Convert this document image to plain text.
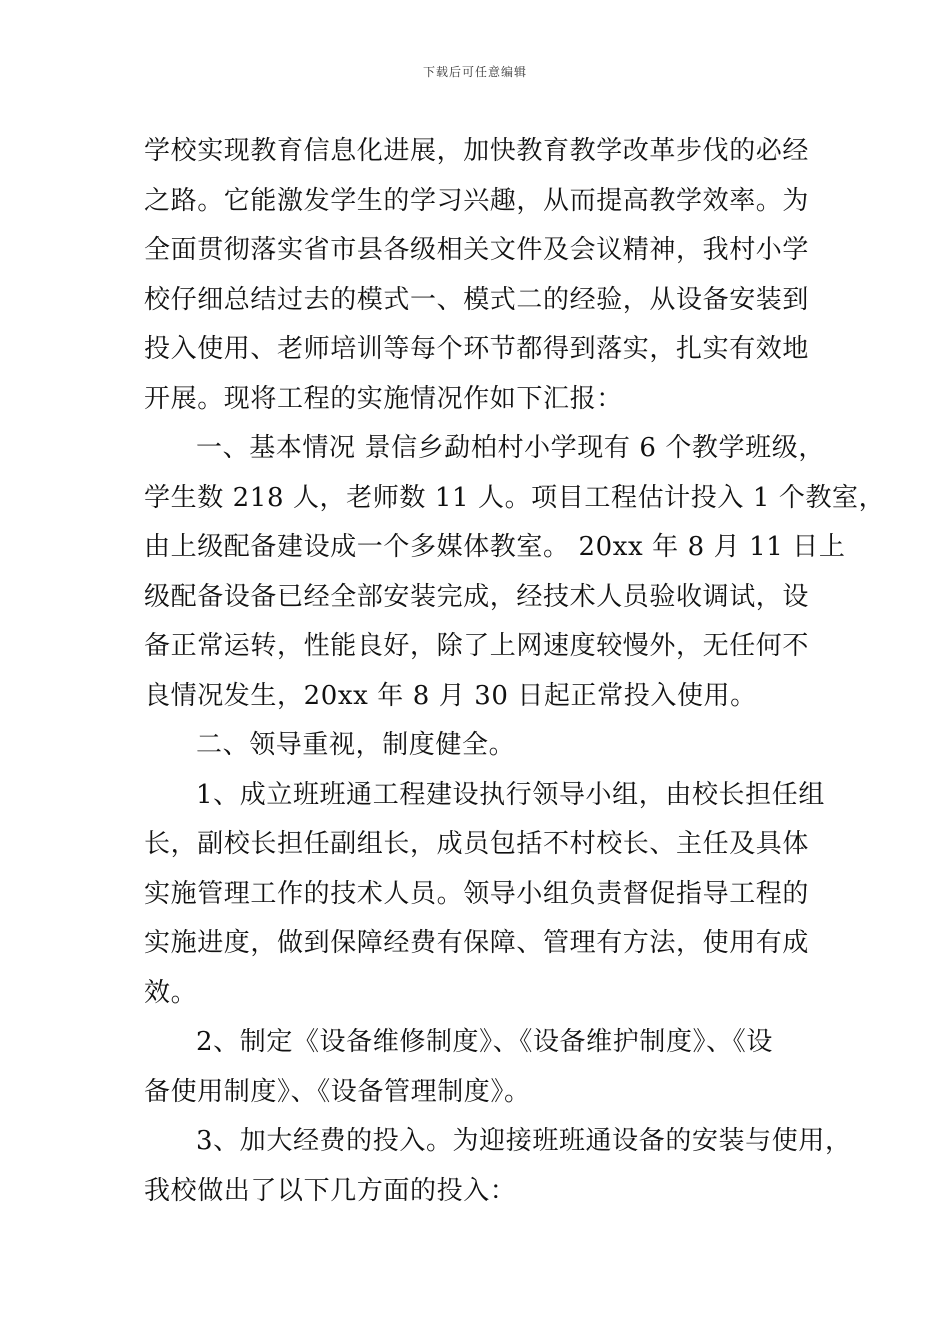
下载后可任意编辑
学校实现教育信息化进展，加快教育教学改革步伐的必经
之路。它能激发学生的学习兴趣，从而提高教学效率。为
全面贯彻落实省市县各级相关文件及会议精神，我村小学
校仔细总结过去的模式一、模式二的经验，从设备安装到
投入使用、老师培训等每个环节都得到落实，扎实有效地
开展。现将工程的实施情况作如下汇报：
一、基本情况 景信乡勐柏村小学现有 6 个教学班级，
学生数 218 人，老师数 11 人。项目工程估计投入 1 个教室，
由上级配备建设成一个多媒体教室。 20xx 年 8 月 11 日上
级配备设备已经全部安装完成，经技术人员验收调试，设
备正常运转，性能良好，除了上网速度较慢外，无任何不
良情况发生，20xx 年 8 月 30 日起正常投入使用。
二、领导重视，制度健全。
1、成立班班通工程建设执行领导小组，由校长担任组
长，副校长担任副组长，成员包括不村校长、主任及具体
实施管理工作的技术人员。领导小组负责督促指导工程的
实施进度，做到保障经费有保障、管理有方法，使用有成
效。
2、制定《设备维修制度》、《设备维护制度》、《设
备使用制度》、《设备管理制度》。
3、加大经费的投入。为迎接班班通设备的安装与使用，
我校做出了以下几方面的投入：
